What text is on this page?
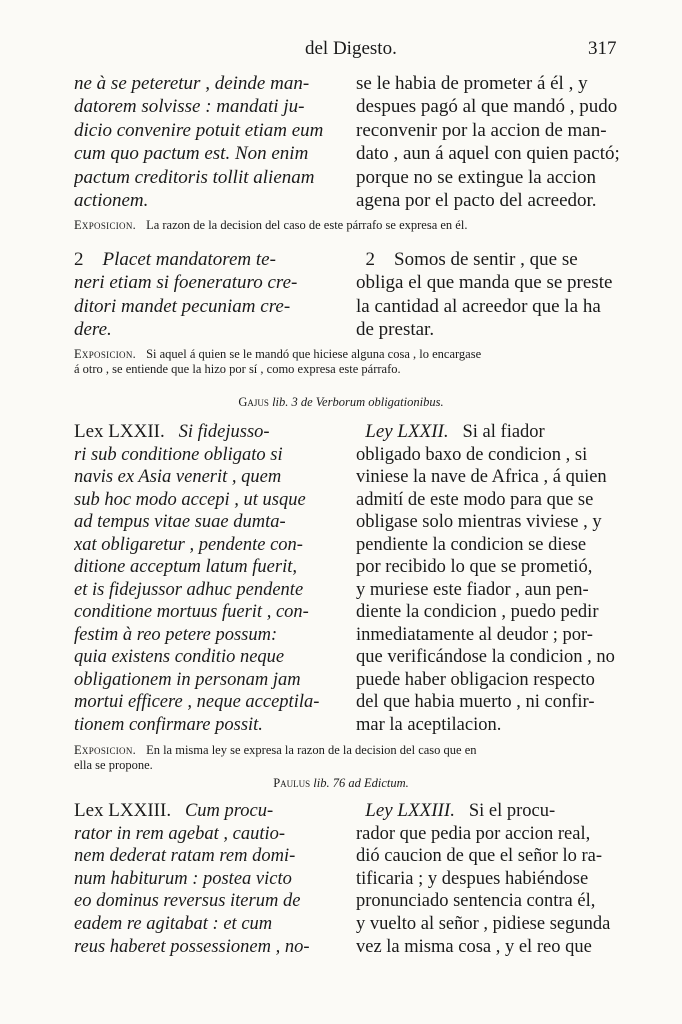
del Digesto.	317
ne à se peteretur , deinde man-
datorem solvisse : mandati ju-
dicio convenire potuit etiam eum
cum quo pactum est. Non enim
pactum creditoris tollit alienam
actionem.
se le habia de prometer á él , y
despues pagó al que mandó , pudo
reconvenir por la accion de man-
dato , aun á aquel con quien pactó;
porque no se extingue la accion
agena por el pacto del acreedor.
Exposicion. La razon de la decision del caso de este párrafo se expresa en él.
2 Placet mandatorem te-
neri etiam si foeneraturo cre-
ditori mandet pecuniam cre-
dere.
2 Somos de sentir , que se
obliga el que manda que se preste
la cantidad al acreedor que la ha
de prestar.
Exposicion. Si aquel á quien se le mandó que hiciese alguna cosa , lo encargase
á otro , se entiende que la hizo por sí , como expresa este párrafo.
Gajus lib. 3 de Verborum obligationibus.
Lex LXXII. Si fidejusso-
ri sub conditione obligato si
navis ex Asia venerit , quem
sub hoc modo accepi , ut usque
ad tempus vitae suae dumta-
xat obligaretur , pendente con-
ditione acceptum latum fuerit,
et is fidejussor adhuc pendente
conditione mortuus fuerit , con-
festim à reo petere possum:
quia existens conditio neque
obligationem in personam jam
mortui efficere , neque acceptila-
tionem confirmare possit.
Ley LXXII. Si al fiador
obligado baxo de condicion , si
viniese la nave de Africa , á quien
admití de este modo para que se
obligase solo mientras viviese , y
pendiente la condicion se diese
por recibido lo que se prometió,
y muriese este fiador , aun pen-
diente la condicion , puedo pedir
inmediatamente al deudor ; por-
que verificándose la condicion , no
puede haber obligacion respecto
del que habia muerto , ni confir-
mar la aceptilacion.
Exposicion. En la misma ley se expresa la razon de la decision del caso que en
ella se propone.
Paulus lib. 76 ad Edictum.
Lex LXXIII. Cum procu-
rator in rem agebat , cautio-
nem dederat ratam rem domi-
num habiturum : postea victo
eo dominus reversus iterum de
eadem re agitabat : et cum
reus haberet possessionem , no-
Ley LXXIII. Si el procu-
rador que pedia por accion real,
dió caucion de que el señor lo ra-
tificaria ; y despues habiéndose
pronunciado sentencia contra él,
y vuelto al señor , pidiese segunda
vez la misma cosa , y el reo que
